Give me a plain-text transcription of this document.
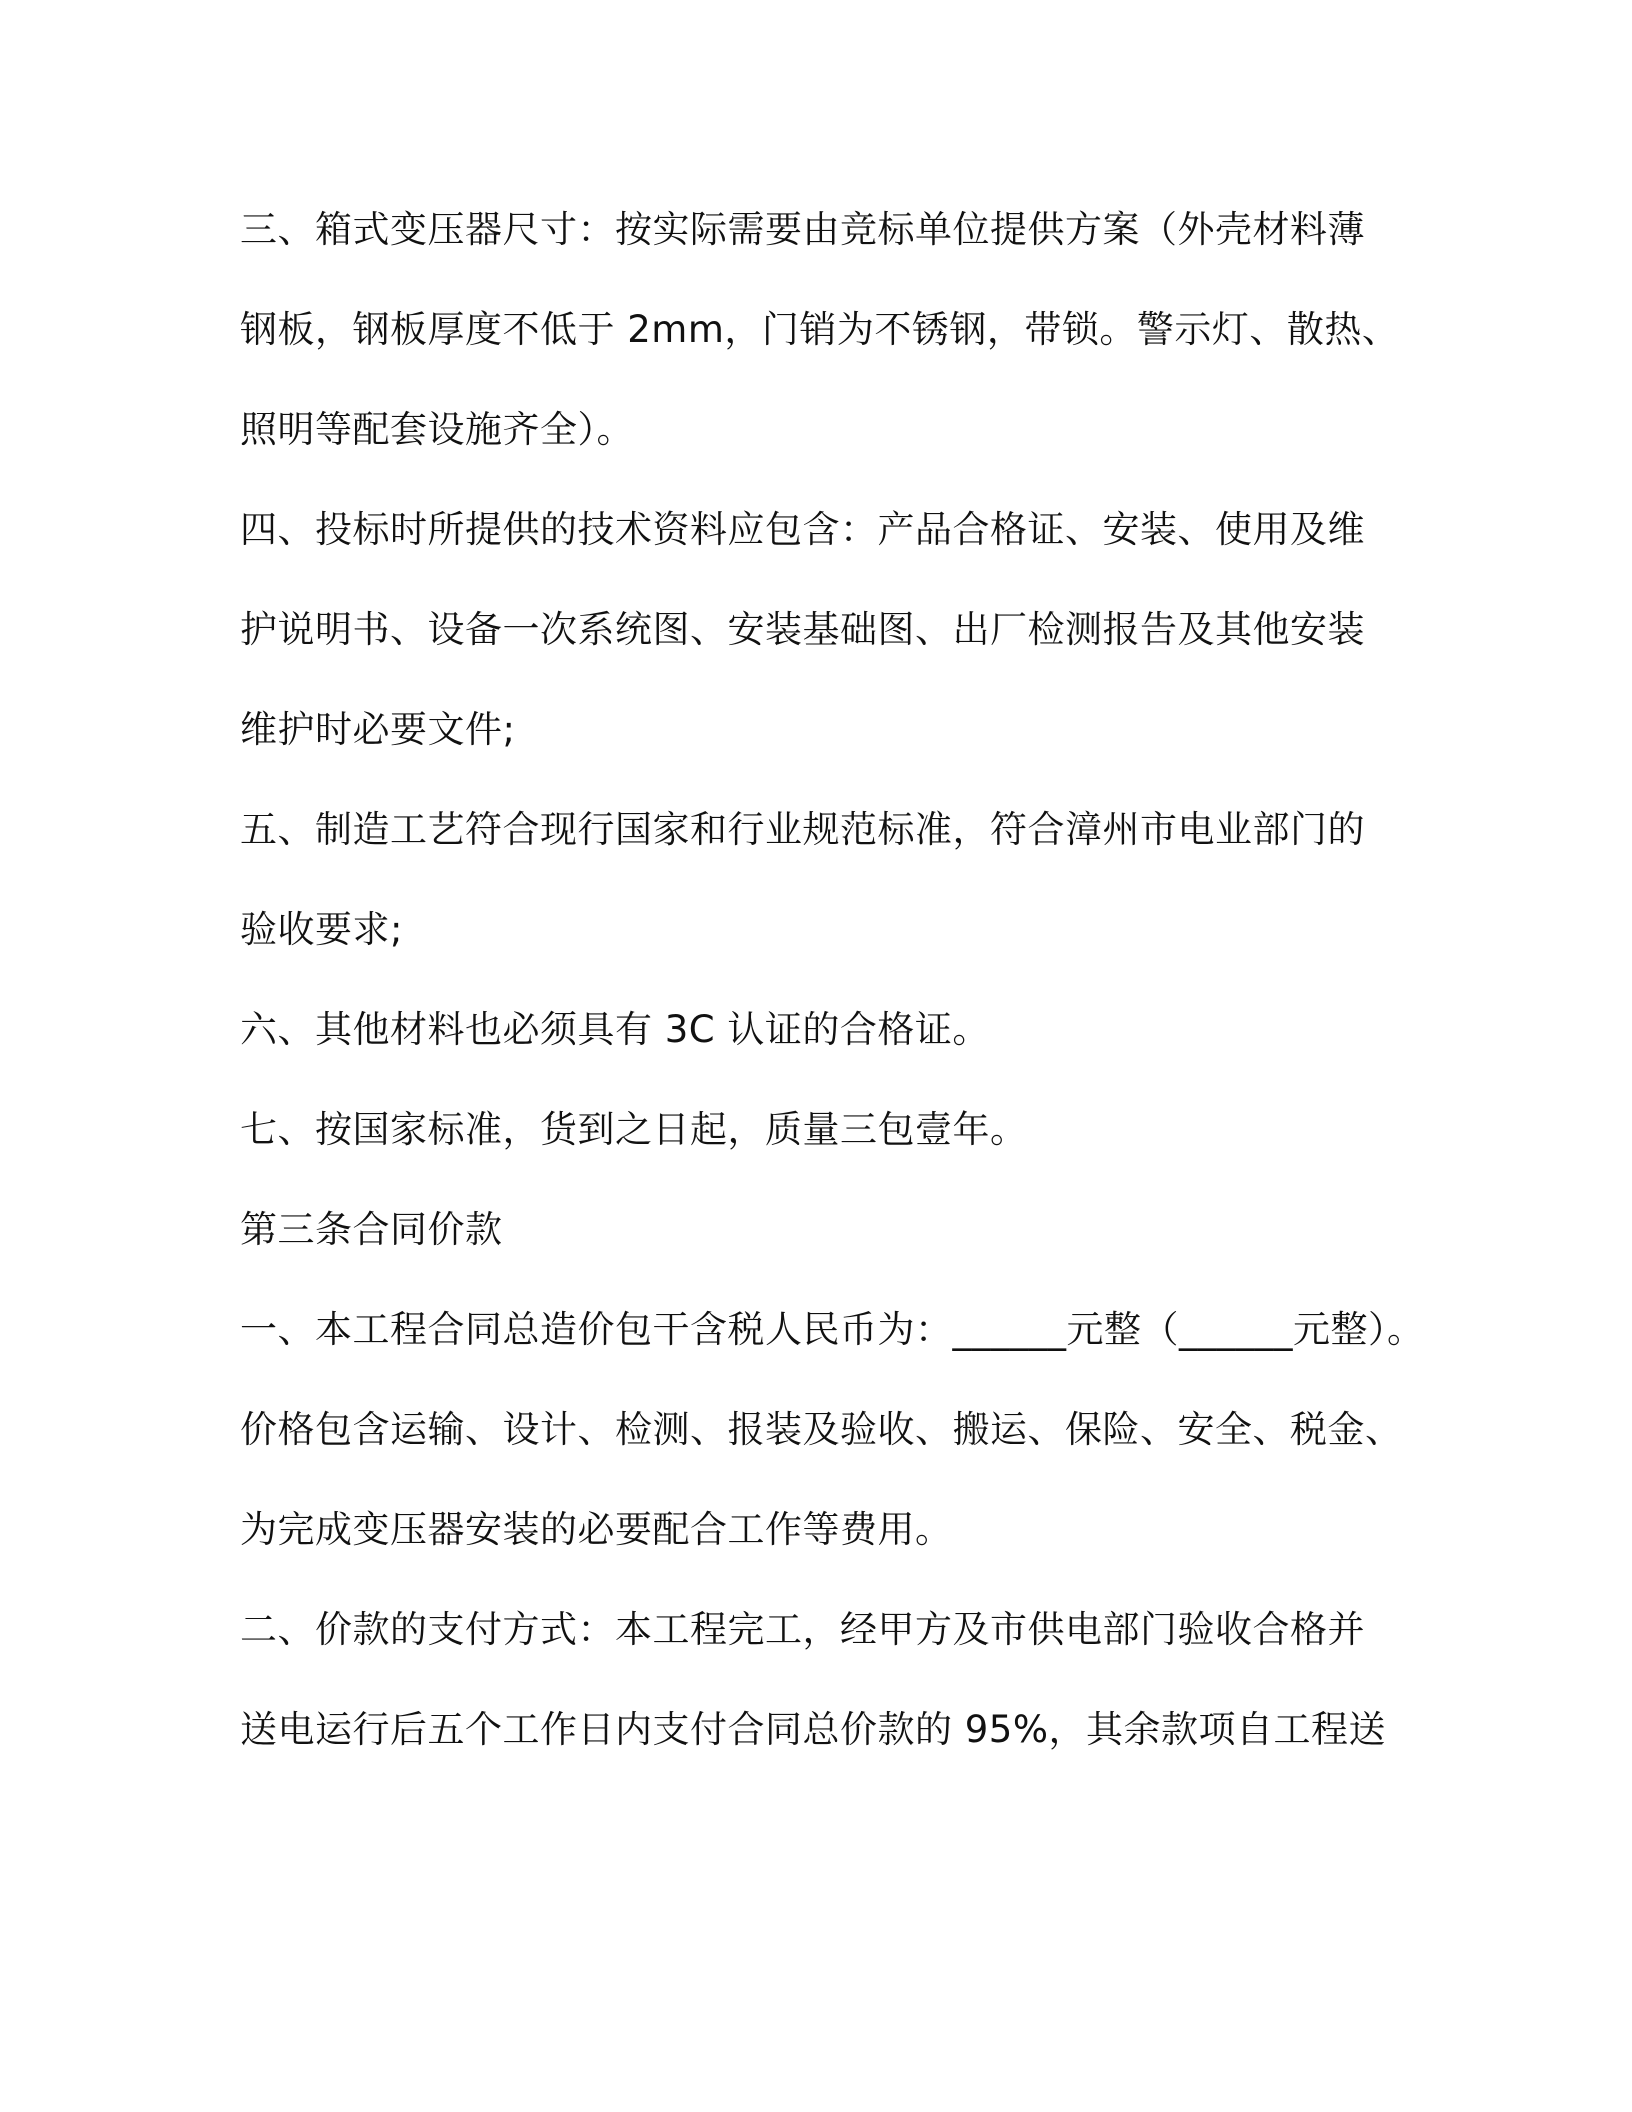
三、箱式变压器尺寸：按实际需要由竞标单位提供方案（外壳材料薄
钢板，钢板厚度不低于 2mm，门销为不锈钢，带锁。警示灯、散热、
照明等配套设施齐全）。
四、投标时所提供的技术资料应包含：产品合格证、安装、使用及维
护说明书、设备一次系统图、安装基础图、出厂检测报告及其他安装
维护时必要文件;
五、制造工艺符合现行国家和行业规范标准，符合漳州市电业部门的
验收要求;
六、其他材料也必须具有 3C 认证的合格证。
七、按国家标准，货到之日起，质量三包壹年。
第三条合同价款
一、本工程合同总造价包干含税人民币为：______元整（______元整）。
价格包含运输、设计、检测、报装及验收、搬运、保险、安全、税金、
为完成变压器安装的必要配合工作等费用。
二、价款的支付方式：本工程完工，经甲方及市供电部门验收合格并
送电运行后五个工作日内支付合同总价款的 95%，其余款项自工程送
